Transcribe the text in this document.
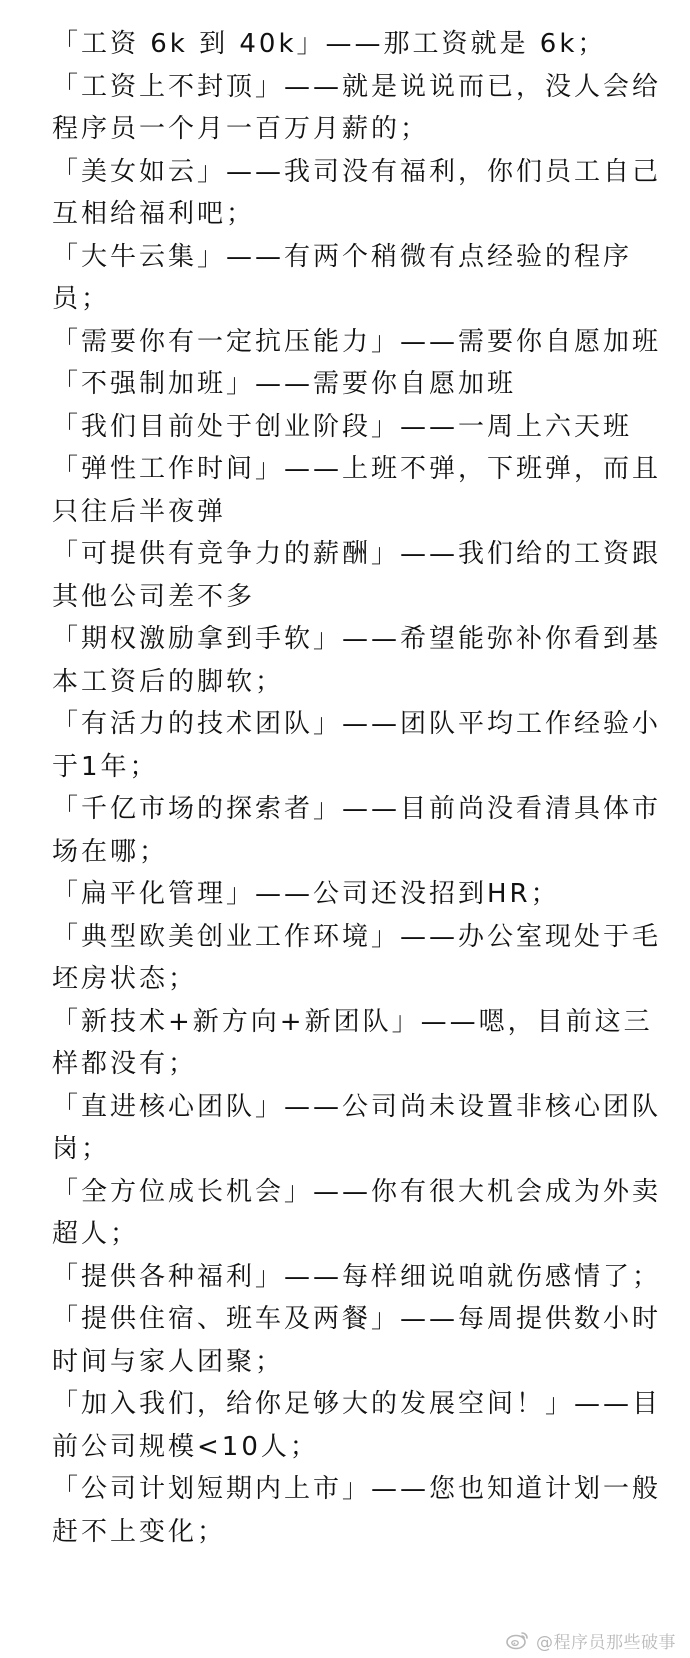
「工资 6k 到 40k」——那工资就是 6k；
「工资上不封顶」——就是说说而已，没人会给
程序员一个月一百万月薪的；
「美女如云」——我司没有福利，你们员工自己
互相给福利吧；
「大牛云集」——有两个稍微有点经验的程序
员；
「需要你有一定抗压能力」——需要你自愿加班
「不强制加班」——需要你自愿加班
「我们目前处于创业阶段」——一周上六天班
「弹性工作时间」——上班不弹，下班弹，而且
只往后半夜弹
「可提供有竞争力的薪酬」——我们给的工资跟
其他公司差不多
「期权激励拿到手软」——希望能弥补你看到基
本工资后的脚软；
「有活力的技术团队」——团队平均工作经验小
于1年；
「千亿市场的探索者」——目前尚没看清具体市
场在哪；
「扁平化管理」——公司还没招到HR；
「典型欧美创业工作环境」——办公室现处于毛
坯房状态；
「新技术+新方向+新团队」——嗯，目前这三
样都没有；
「直进核心团队」——公司尚未设置非核心团队
岗；
「全方位成长机会」——你有很大机会成为外卖
超人；
「提供各种福利」——每样细说咱就伤感情了；
「提供住宿、班车及两餐」——每周提供数小时
时间与家人团聚；
「加入我们，给你足够大的发展空间！」——目
前公司规模<10人；
「公司计划短期内上市」——您也知道计划一般
赶不上变化；
@程序员那些破事
